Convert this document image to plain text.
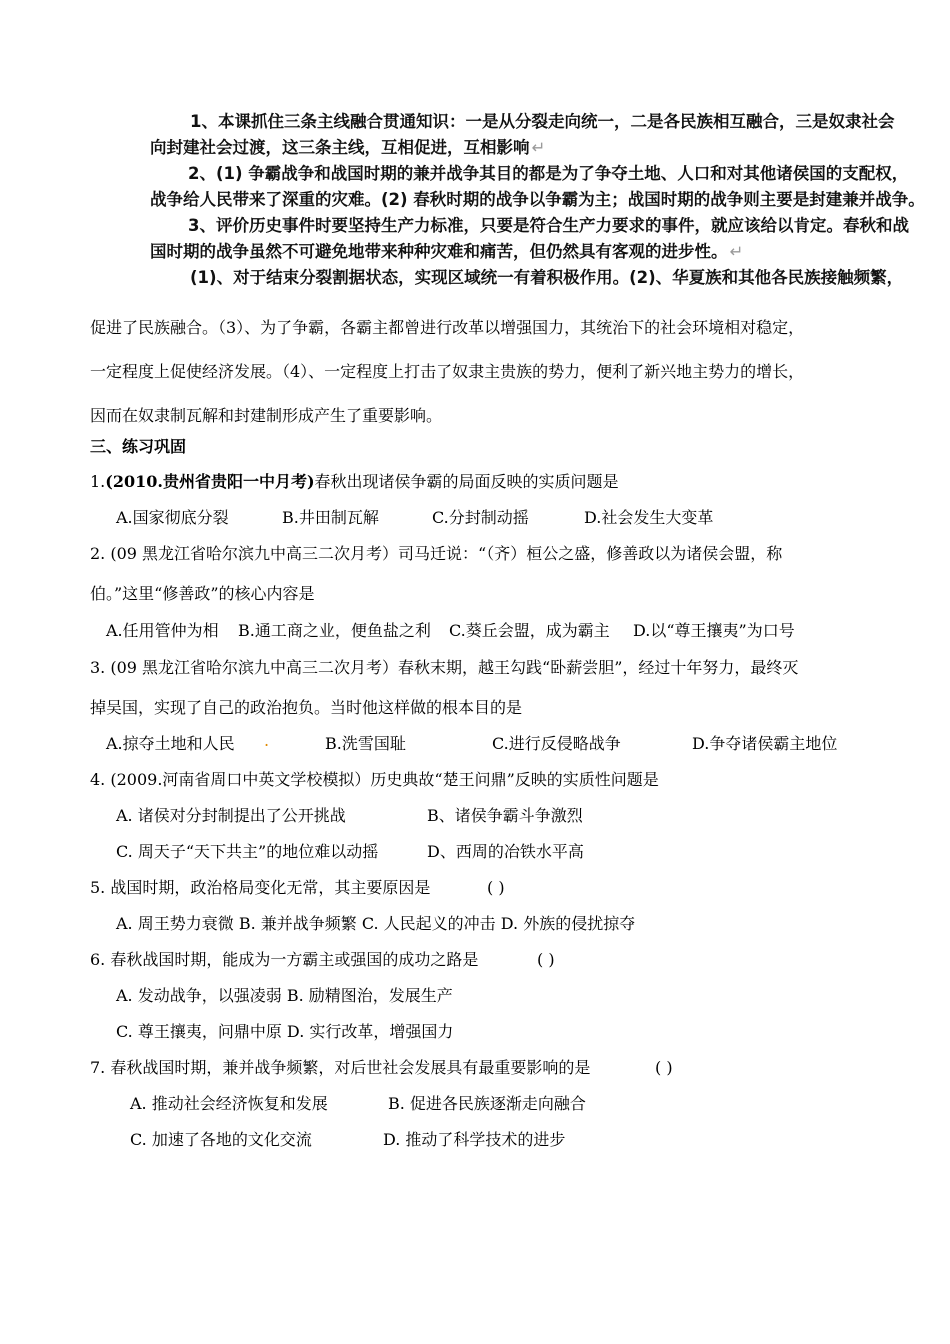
1、本课抓住三条主线融合贯通知识：一是从分裂走向统一，二是各民族相互融合，三是奴隶社会
向封建社会过渡，这三条主线，互相促进，互相影响 ↵
2、(1) 争霸战争和战国时期的兼并战争其目的都是为了争夺土地、人口和对其他诸侯国的支配权，
战争给人民带来了深重的灾难。(2) 春秋时期的战争以争霸为主；战国时期的战争则主要是封建兼并战争。
3、评价历史事件时要坚持生产力标准，只要是符合生产力要求的事件，就应该给以肯定。春秋和战
国时期的战争虽然不可避免地带来种种灾难和痛苦，但仍然具有客观的进步性。 ↵
(1)、对于结束分裂割据状态，实现区域统一有着积极作用。(2)、华夏族和其他各民族接触频繁，
促进了民族融合。（3）、为了争霸，各霸主都曾进行改革以增强国力，其统治下的社会环境相对稳定，
一定程度上促使经济发展。（4）、一定程度上打击了奴隶主贵族的势力，便利了新兴地主势力的增长，
因而在奴隶制瓦解和封建制形成产生了重要影响。
三、练习巩固
1.(2010.贵州省贵阳一中月考)春秋出现诸侯争霸的局面反映的实质问题是
A.国家彻底分裂	B.井田制瓦解	C.分封制动摇	D.社会发生大变革
2. (09 黑龙江省哈尔滨九中高三二次月考）司马迁说：“（齐）桓公之盛，修善政以为诸侯会盟，称
伯。”这里“修善政”的核心内容是
A.任用管仲为相 B.通工商之业，便鱼盐之利 C.葵丘会盟，成为霸主 D.以“尊王攘夷”为口号
3. (09 黑龙江省哈尔滨九中高三二次月考）春秋末期，越王勾践“卧薪尝胆”，经过十年努力，最终灭
掉吴国，实现了自己的政治抱负。当时他这样做的根本目的是
A.掠夺土地和人民 .	B.洗雪国耻	C.进行反侵略战争	D.争夺诸侯霸主地位
4. (2009.河南省周口中英文学校模拟）历史典故“楚王问鼎”反映的实质性问题是
A. 诸侯对分封制提出了公开挑战	B、诸侯争霸斗争激烈
C. 周天子“天下共主”的地位难以动摇	D、西周的冶铁水平高
5. 战国时期，政治格局变化无常，其主要原因是	( )
A. 周王势力衰微 B. 兼并战争频繁 C. 人民起义的冲击 D. 外族的侵扰掠夺
6. 春秋战国时期，能成为一方霸主或强国的成功之路是	( )
A. 发动战争，以强凌弱 B. 励精图治，发展生产
C. 尊王攘夷，问鼎中原 D. 实行改革，增强国力
7. 春秋战国时期，兼并战争频繁，对后世社会发展具有最重要影响的是	( )
A. 推动社会经济恢复和发展	B. 促进各民族逐渐走向融合
C. 加速了各地的文化交流	D. 推动了科学技术的进步
